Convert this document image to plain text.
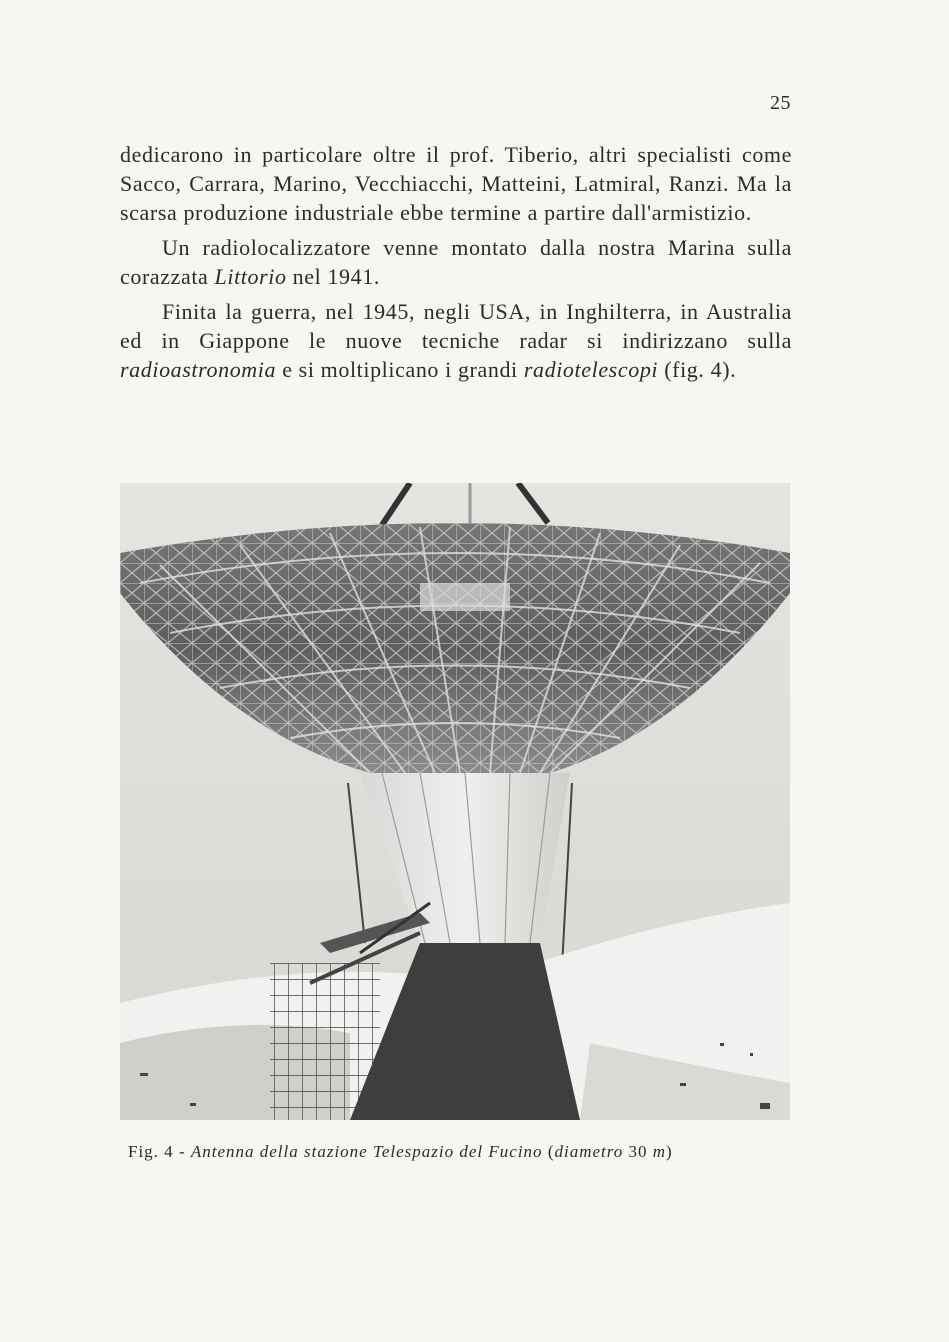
25

dedicarono in particolare oltre il prof. Tiberio, altri specialisti come Sacco, Carrara, Marino, Vecchiacchi, Matteini, Latmiral, Ranzi. Ma la scarsa produzione industriale ebbe termine a partire dall'armistizio.

Un radiolocalizzatore venne montato dalla nostra Marina sulla corazzata Littorio nel 1941.

Finita la guerra, nel 1945, negli USA, in Inghilterra, in Australia ed in Giappone le nuove tecniche radar si indirizzano sulla radioastronomia e si moltiplicano i grandi radiotelescopi (fig. 4).

Fig. 4 - Antenna della stazione Telespazio del Fucino (diametro 30 m)
